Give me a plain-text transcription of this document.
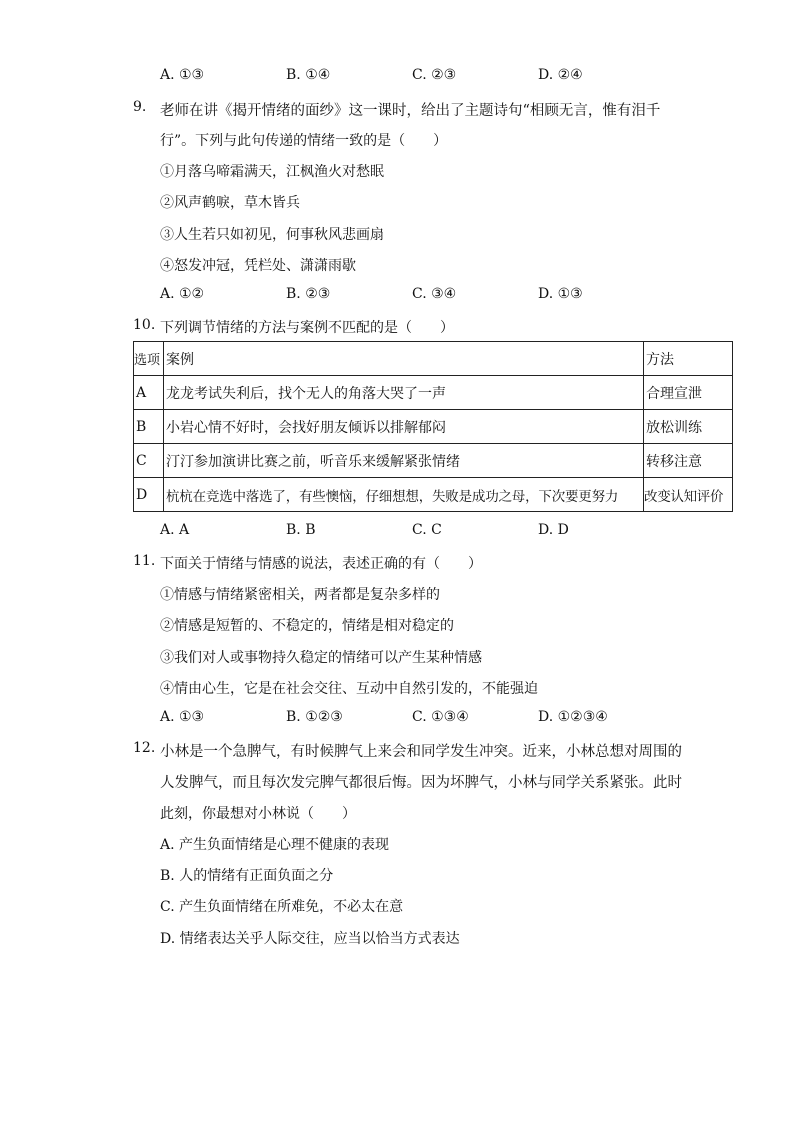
A. ①③	B. ①④	C. ②③	D. ②④
9. 老师在讲《揭开情绪的面纱》这一课时，给出了主题诗句“相顾无言，惟有泪千
行”。下列与此句传递的情绪一致的是（　　）
①月落乌啼霜满天，江枫渔火对愁眠
②风声鹤唳，草木皆兵
③人生若只如初见，何事秋风悲画扇
④怒发冲冠，凭栏处、潇潇雨歇
A. ①②	B. ②③	C. ③④	D. ①③
10. 下列调节情绪的方法与案例不匹配的是（　　）
选项	案例	方法
A	龙龙考试失利后，找个无人的角落大哭了一声	合理宣泄
B	小岩心情不好时，会找好朋友倾诉以排解郁闷	放松训练
C	汀汀参加演讲比赛之前，听音乐来缓解紧张情绪	转移注意
D	杭杭在竞选中落选了，有些懊恼，仔细想想，失败是成功之母，下次要更努力	改变认知评价
A. A	B. B	C. C	D. D
11. 下面关于情绪与情感的说法，表述正确的有（　　）
①情感与情绪紧密相关，两者都是复杂多样的
②情感是短暂的、不稳定的，情绪是相对稳定的
③我们对人或事物持久稳定的情绪可以产生某种情感
④情由心生，它是在社会交往、互动中自然引发的，不能强迫
A. ①③	B. ①②③	C. ①③④	D. ①②③④
12. 小林是一个急脾气，有时候脾气上来会和同学发生冲突。近来，小林总想对周围的
人发脾气，而且每次发完脾气都很后悔。因为坏脾气，小林与同学关系紧张。此时
此刻，你最想对小林说（　　）
A. 产生负面情绪是心理不健康的表现
B. 人的情绪有正面负面之分
C. 产生负面情绪在所难免，不必太在意
D. 情绪表达关乎人际交往，应当以恰当方式表达
